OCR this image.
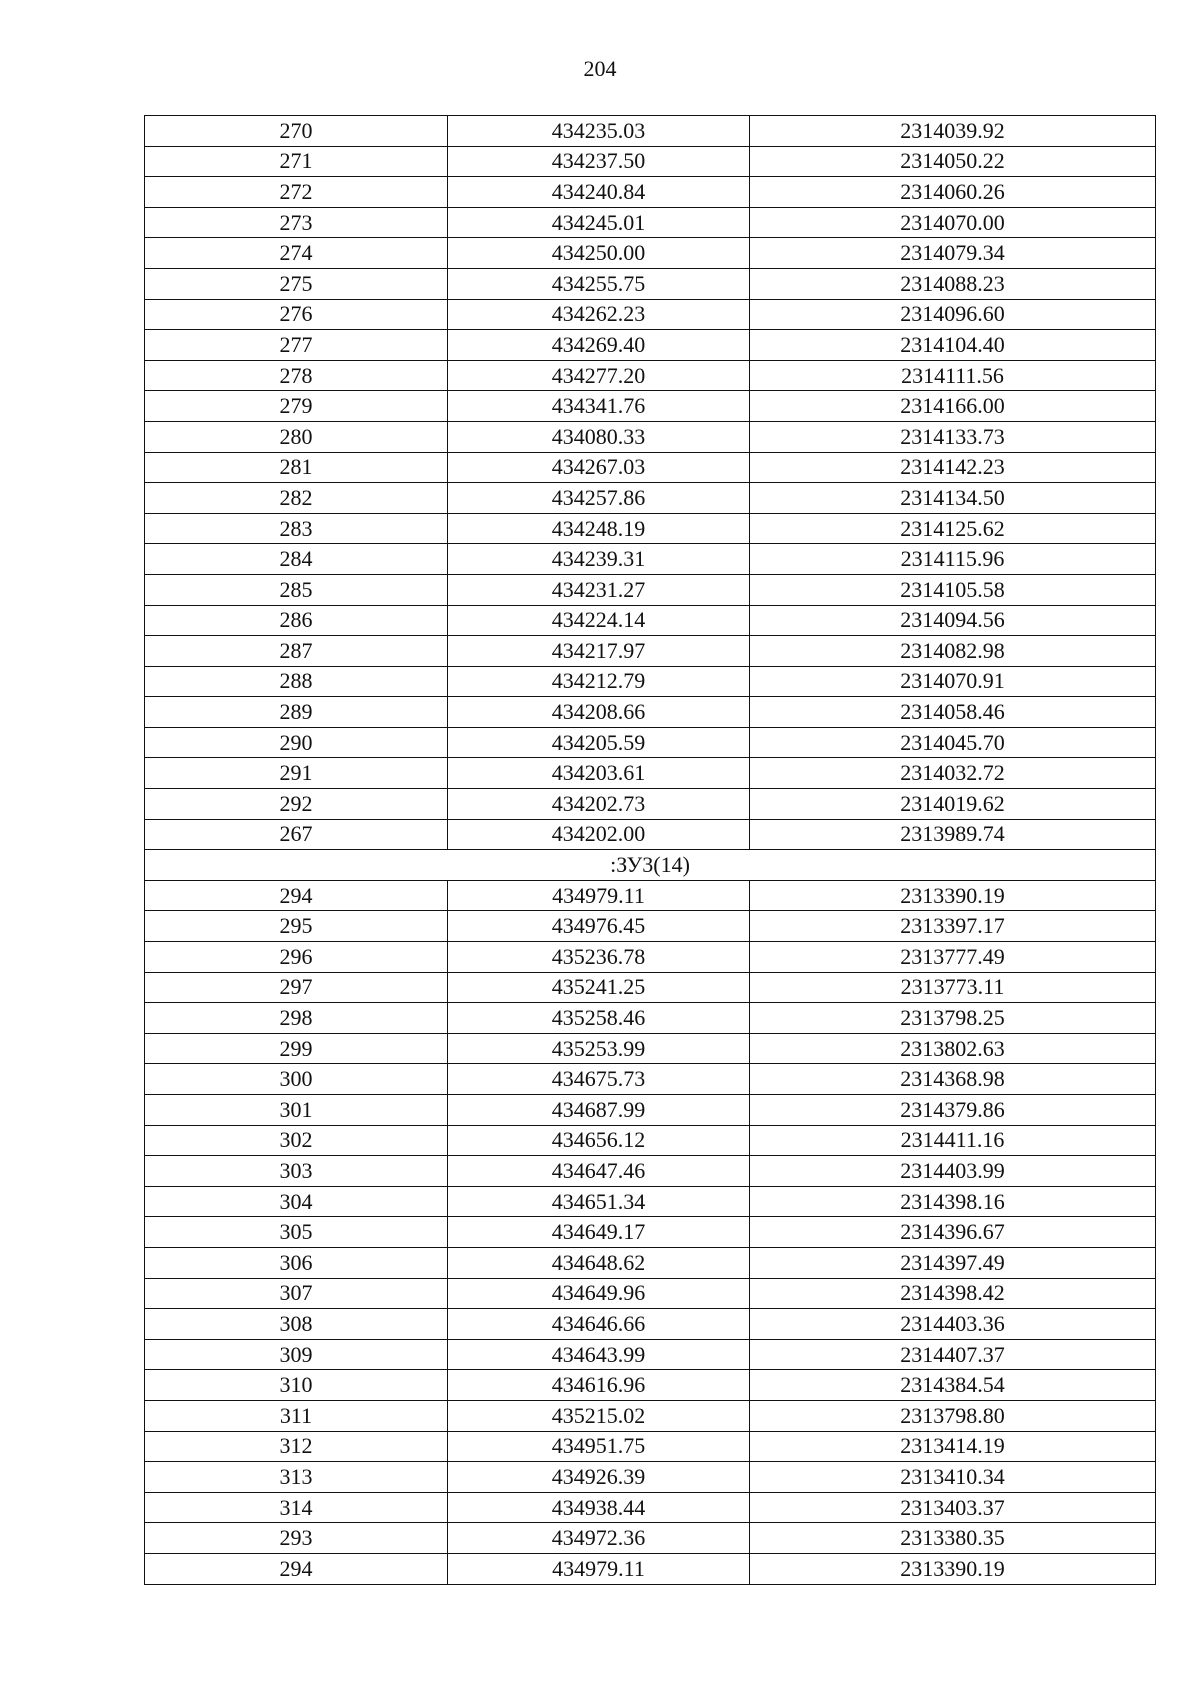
204
270	434235.03	2314039.92
271	434237.50	2314050.22
272	434240.84	2314060.26
273	434245.01	2314070.00
274	434250.00	2314079.34
275	434255.75	2314088.23
276	434262.23	2314096.60
277	434269.40	2314104.40
278	434277.20	2314111.56
279	434341.76	2314166.00
280	434080.33	2314133.73
281	434267.03	2314142.23
282	434257.86	2314134.50
283	434248.19	2314125.62
284	434239.31	2314115.96
285	434231.27	2314105.58
286	434224.14	2314094.56
287	434217.97	2314082.98
288	434212.79	2314070.91
289	434208.66	2314058.46
290	434205.59	2314045.70
291	434203.61	2314032.72
292	434202.73	2314019.62
267	434202.00	2313989.74
:ЗУ3(14)		
294	434979.11	2313390.19
295	434976.45	2313397.17
296	435236.78	2313777.49
297	435241.25	2313773.11
298	435258.46	2313798.25
299	435253.99	2313802.63
300	434675.73	2314368.98
301	434687.99	2314379.86
302	434656.12	2314411.16
303	434647.46	2314403.99
304	434651.34	2314398.16
305	434649.17	2314396.67
306	434648.62	2314397.49
307	434649.96	2314398.42
308	434646.66	2314403.36
309	434643.99	2314407.37
310	434616.96	2314384.54
311	435215.02	2313798.80
312	434951.75	2313414.19
313	434926.39	2313410.34
314	434938.44	2313403.37
293	434972.36	2313380.35
294	434979.11	2313390.19
